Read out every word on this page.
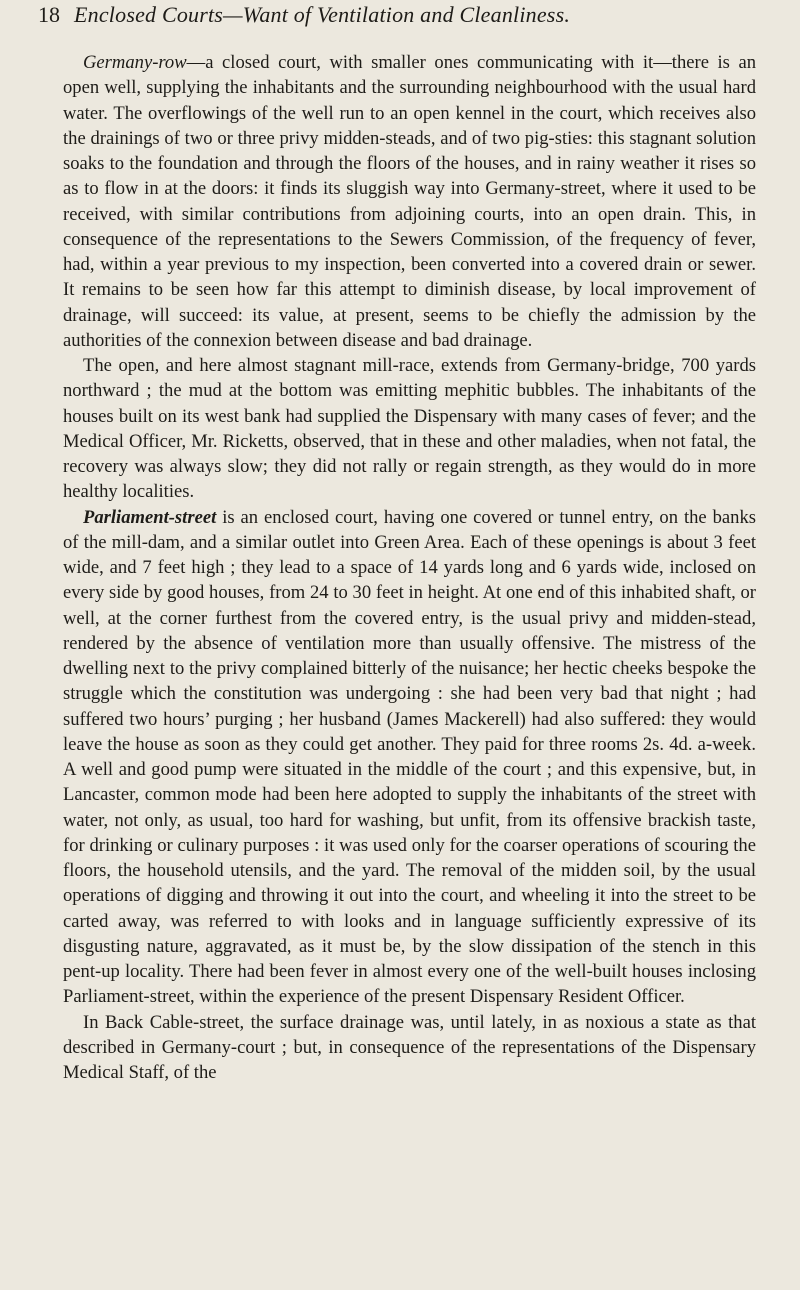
18 Enclosed Courts—Want of Ventilation and Cleanliness.

Germany-row—a closed court, with smaller ones communicating with it—there is an open well, supplying the inhabitants and the surrounding neighbourhood with the usual hard water. The overflowings of the well run to an open kennel in the court, which receives also the drainings of two or three privy midden-steads, and of two pig-sties: this stagnant solution soaks to the foundation and through the floors of the houses, and in rainy weather it rises so as to flow in at the doors: it finds its sluggish way into Germany-street, where it used to be received, with similar contributions from adjoining courts, into an open drain. This, in consequence of the representations to the Sewers Commission, of the frequency of fever, had, within a year previous to my inspection, been converted into a covered drain or sewer. It remains to be seen how far this attempt to diminish disease, by local improvement of drainage, will succeed: its value, at present, seems to be chiefly the admission by the authorities of the connexion between disease and bad drainage.

The open, and here almost stagnant mill-race, extends from Germany-bridge, 700 yards northward ; the mud at the bottom was emitting mephitic bubbles. The inhabitants of the houses built on its west bank had supplied the Dispensary with many cases of fever; and the Medical Officer, Mr. Ricketts, observed, that in these and other maladies, when not fatal, the recovery was always slow; they did not rally or regain strength, as they would do in more healthy localities.

Parliament-street is an enclosed court, having one covered or tunnel entry, on the banks of the mill-dam, and a similar outlet into Green Area. Each of these openings is about 3 feet wide, and 7 feet high ; they lead to a space of 14 yards long and 6 yards wide, inclosed on every side by good houses, from 24 to 30 feet in height. At one end of this inhabited shaft, or well, at the corner furthest from the covered entry, is the usual privy and midden-stead, rendered by the absence of ventilation more than usually offensive. The mistress of the dwelling next to the privy complained bitterly of the nuisance; her hectic cheeks bespoke the struggle which the constitution was undergoing : she had been very bad that night ; had suffered two hours’ purging ; her husband (James Mackerell) had also suffered: they would leave the house as soon as they could get another. They paid for three rooms 2s. 4d. a-week. A well and good pump were situated in the middle of the court ; and this expensive, but, in Lancaster, common mode had been here adopted to supply the inhabitants of the street with water, not only, as usual, too hard for washing, but unfit, from its offensive brackish taste, for drinking or culinary purposes : it was used only for the coarser operations of scouring the floors, the household utensils, and the yard. The removal of the midden soil, by the usual operations of digging and throwing it out into the court, and wheeling it into the street to be carted away, was referred to with looks and in language sufficiently expressive of its disgusting nature, aggravated, as it must be, by the slow dissipation of the stench in this pent-up locality. There had been fever in almost every one of the well-built houses inclosing Parliament-street, within the experience of the present Dispensary Resident Officer.

In Back Cable-street, the surface drainage was, until lately, in as noxious a state as that described in Germany-court ; but, in consequence of the representations of the Dispensary Medical Staff, of the
